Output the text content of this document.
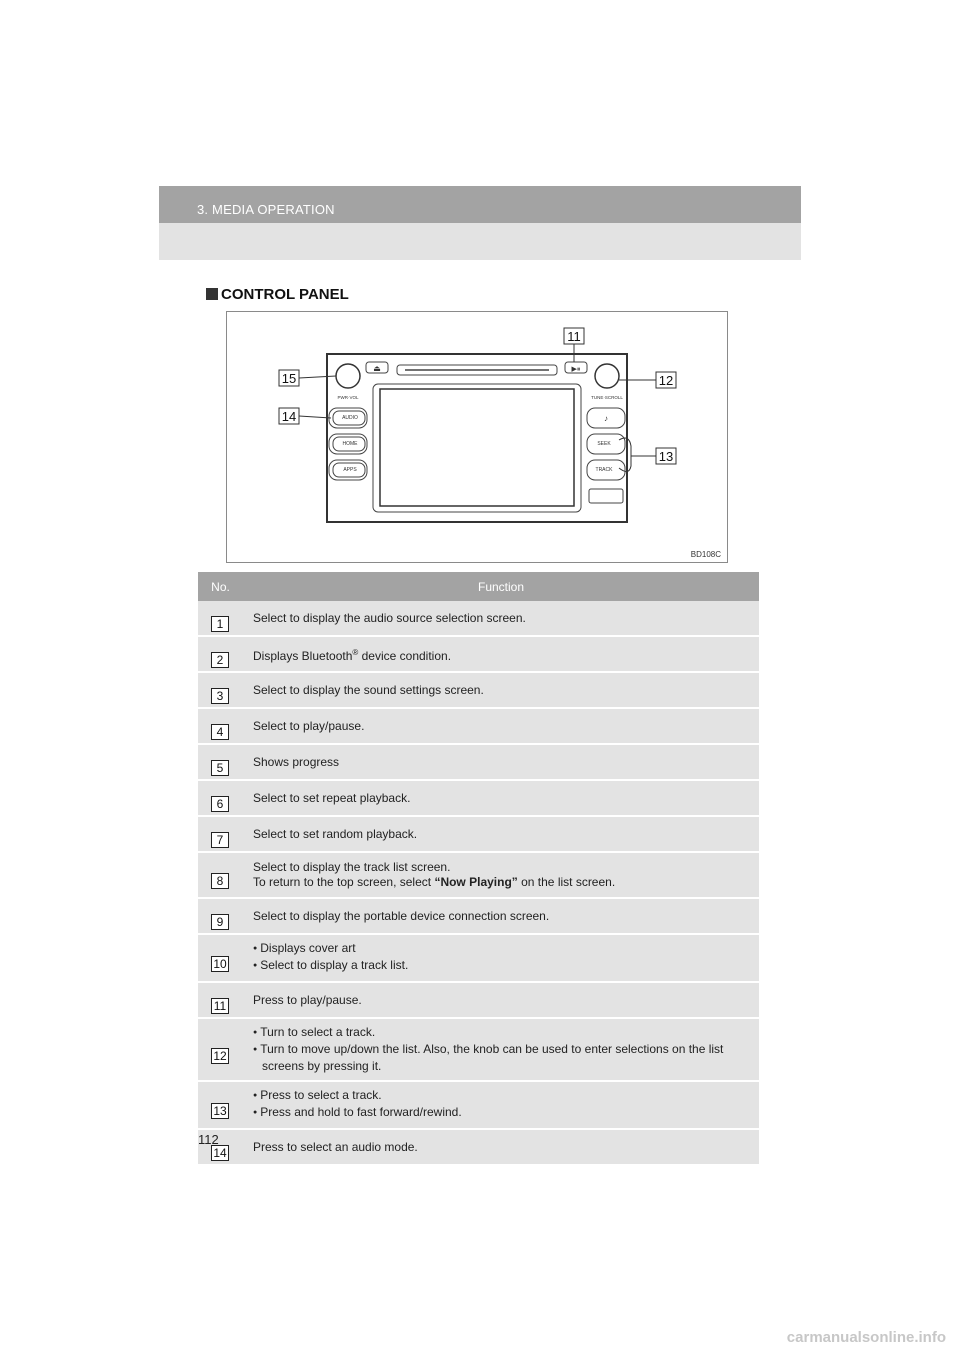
3. MEDIA OPERATION
CONTROL PANEL
⏏	▶⏸
PWR·VOL	TUNE·SCROLL
AUDIO
HOME
APPS
♪
SEEK
TRACK
11
12
13
14
15
BD108C
No.	Function
1	Select to display the audio source selection screen.
2	Displays Bluetooth® device condition.
3	Select to display the sound settings screen.
4	Select to play/pause.
5	Shows progress
6	Select to set repeat playback.
7	Select to set random playback.
8	Select to display the track list screen.
To return to the top screen, select “Now Playing” on the list screen.
9	Select to display the portable device connection screen.
10	● Displays cover art
● Select to display a track list.

11	Press to play/pause.
12	● Turn to select a track.
● Turn to move up/down the list. Also, the knob can be used to enter selections on the list screens by pressing it.

13	● Press to select a track.
● Press and hold to fast forward/rewind.

14	Press to select an audio mode.
112
carmanualsonline.info
